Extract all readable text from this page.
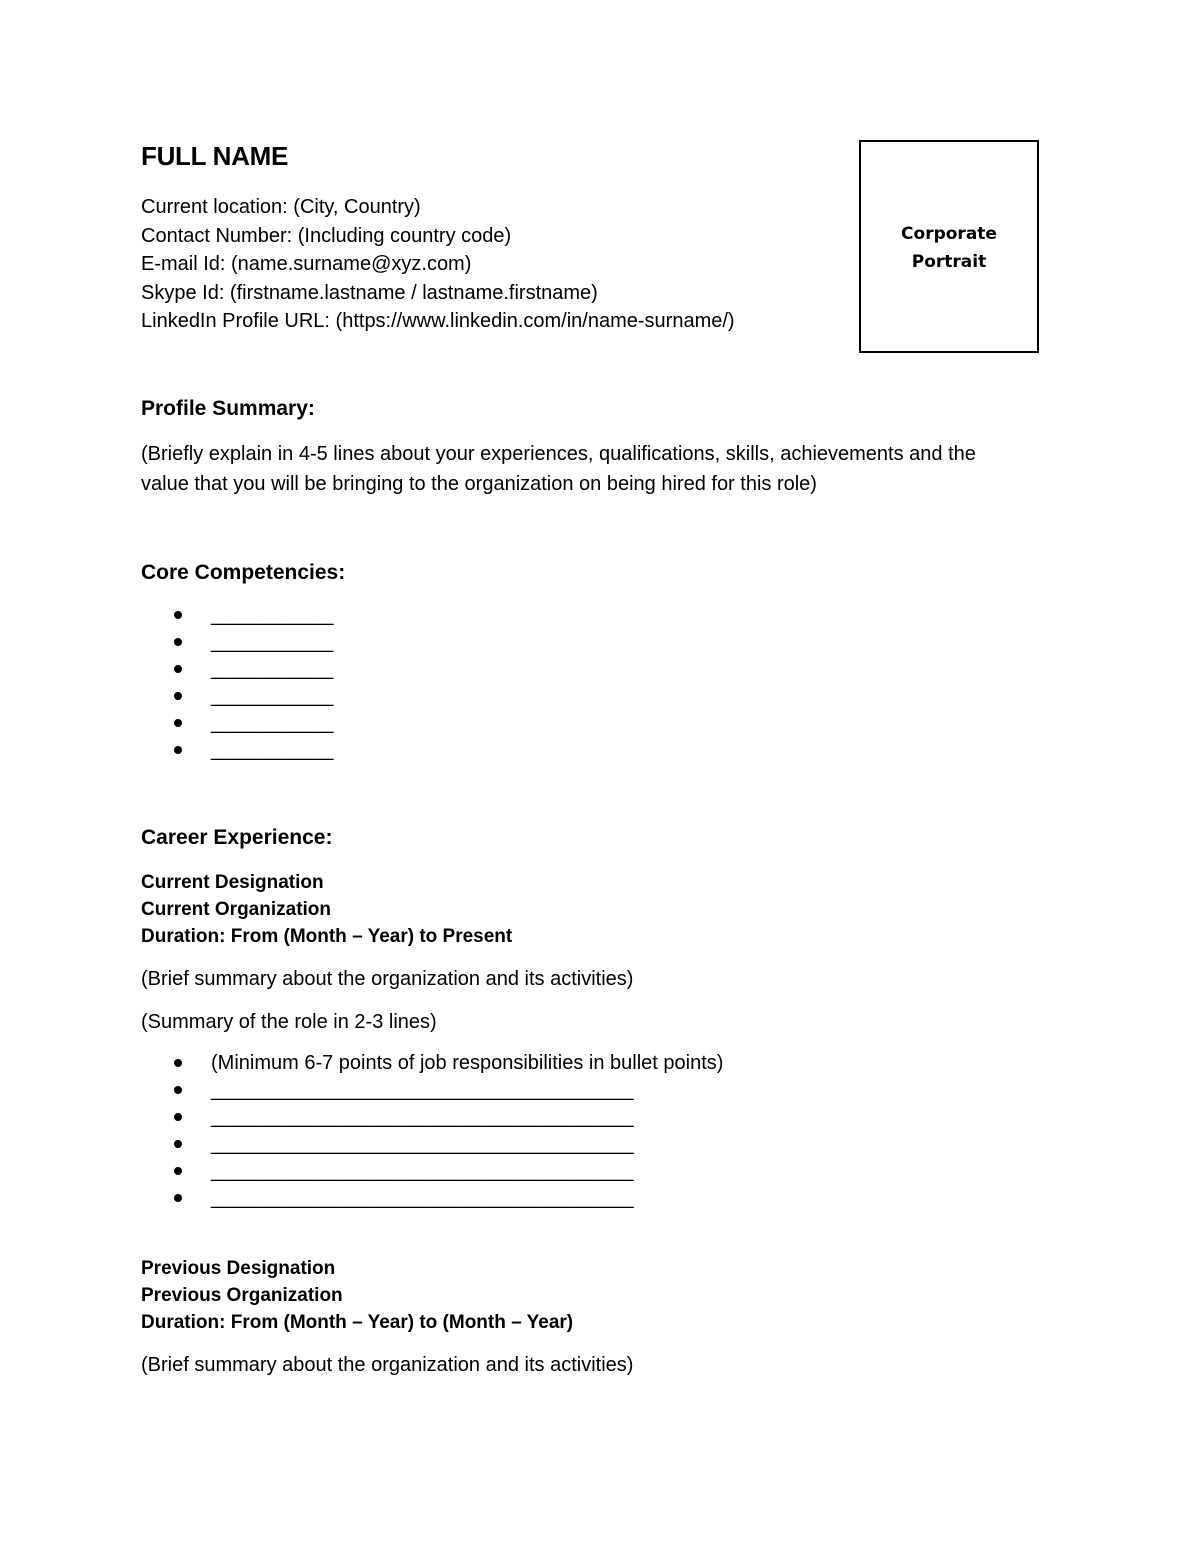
FULL NAME
Current location: (City, Country)
Contact Number: (Including country code)
E-mail Id: (name.surname@xyz.com)
Skype Id: (firstname.lastname / lastname.firstname)
LinkedIn Profile URL: (https://www.linkedin.com/in/name-surname/)
Corporate
Portrait
Profile Summary:
(Briefly explain in 4-5 lines about your experiences, qualifications, skills, achievements and the
value that you will be bringing to the organization on being hired for this role)
Core Competencies:
___________
___________
___________
___________
___________
___________
Career Experience:
Current Designation
Current Organization
Duration: From (Month – Year) to Present
(Brief summary about the organization and its activities)
(Summary of the role in 2-3 lines)
(Minimum 6-7 points of job responsibilities in bullet points)
______________________________________
______________________________________
______________________________________
______________________________________
______________________________________
Previous Designation
Previous Organization
Duration: From (Month – Year) to (Month – Year)
(Brief summary about the organization and its activities)
